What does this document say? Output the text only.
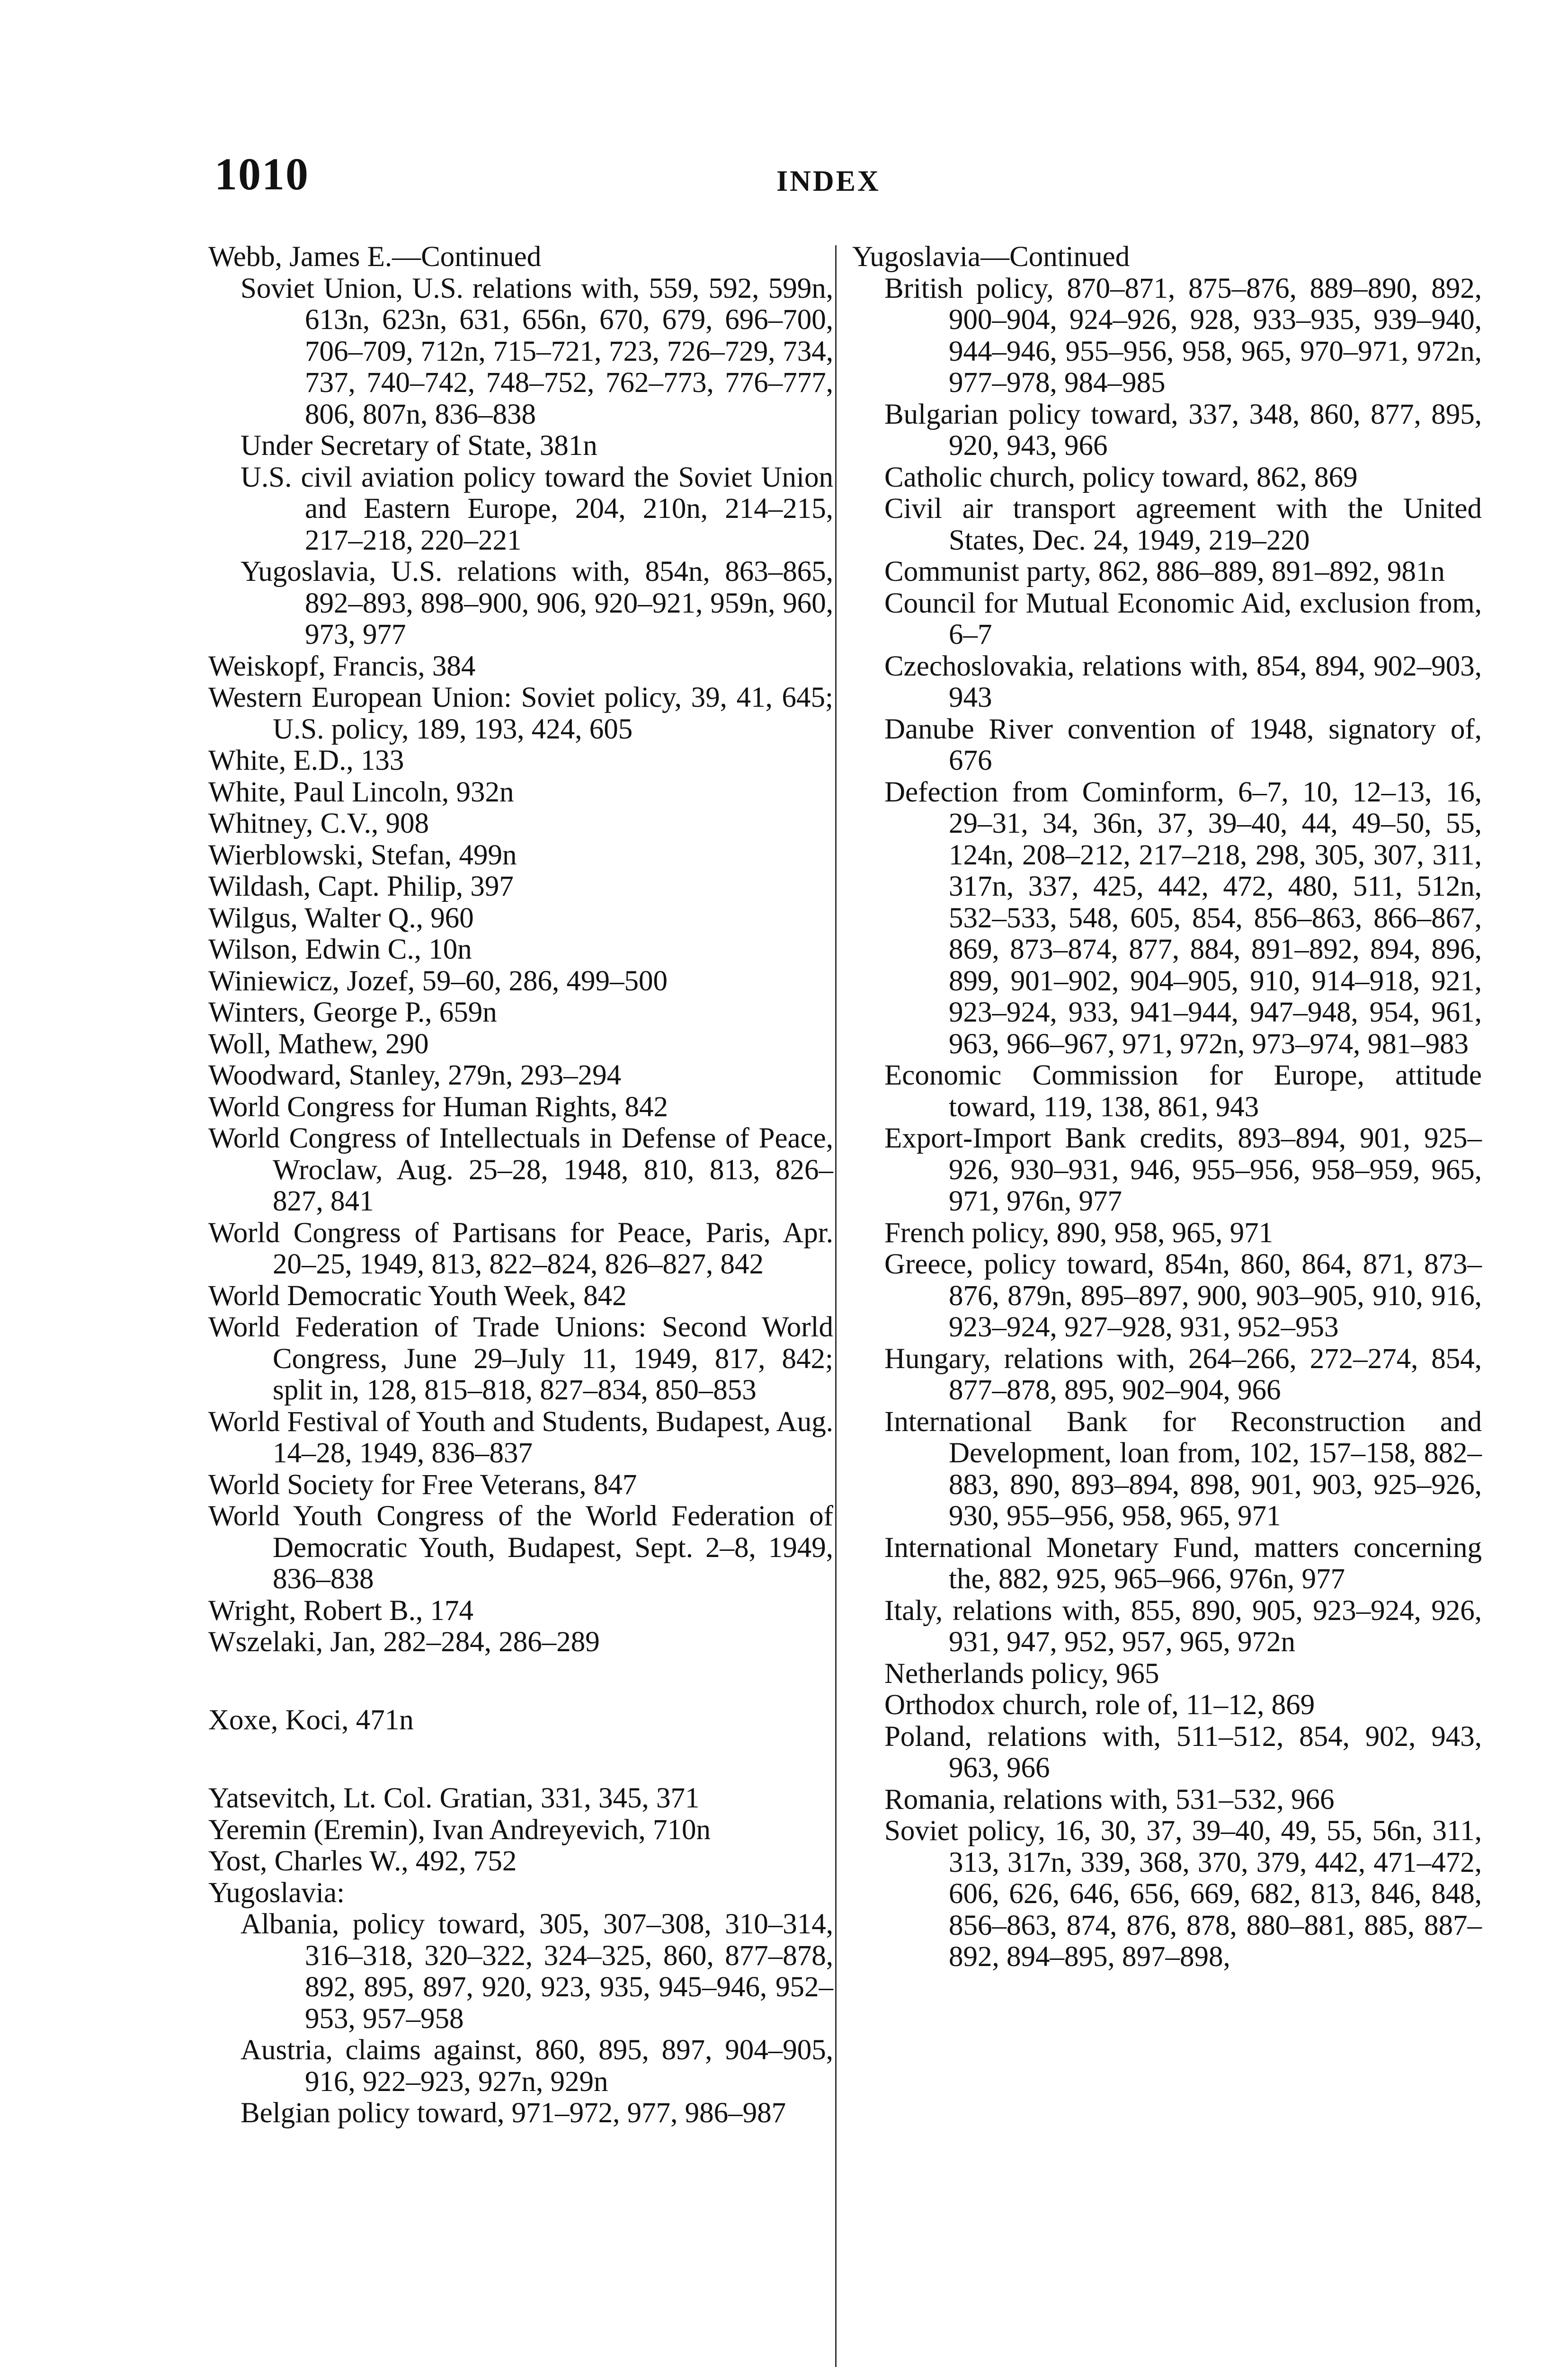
1010	INDEX

Webb, James E.—Continued

Soviet Union, U.S. relations with, 559, 592, 599n, 613n, 623n, 631, 656n, 670, 679, 696–700, 706–709, 712n, 715–721, 723, 726–729, 734, 737, 740–742, 748–752, 762–773, 776–777, 806, 807n, 836–838

Under Secretary of State, 381n

U.S. civil aviation policy toward the Soviet Union and Eastern Europe, 204, 210n, 214–215, 217–218, 220–221

Yugoslavia, U.S. relations with, 854n, 863–865, 892–893, 898–900, 906, 920–921, 959n, 960, 973, 977

Weiskopf, Francis, 384

Western European Union: Soviet policy, 39, 41, 645; U.S. policy, 189, 193, 424, 605

White, E.D., 133

White, Paul Lincoln, 932n

Whitney, C.V., 908

Wierblowski, Stefan, 499n

Wildash, Capt. Philip, 397

Wilgus, Walter Q., 960

Wilson, Edwin C., 10n

Winiewicz, Jozef, 59–60, 286, 499–500

Winters, George P., 659n

Woll, Mathew, 290

Woodward, Stanley, 279n, 293–294

World Congress for Human Rights, 842

World Congress of Intellectuals in Defense of Peace, Wroclaw, Aug. 25–28, 1948, 810, 813, 826–827, 841

World Congress of Partisans for Peace, Paris, Apr. 20–25, 1949, 813, 822–824, 826–827, 842

World Democratic Youth Week, 842

World Federation of Trade Unions: Second World Congress, June 29–July 11, 1949, 817, 842; split in, 128, 815–818, 827–834, 850–853

World Festival of Youth and Students, Budapest, Aug. 14–28, 1949, 836–837

World Society for Free Veterans, 847

World Youth Congress of the World Federation of Democratic Youth, Budapest, Sept. 2–8, 1949, 836–838

Wright, Robert B., 174

Wszelaki, Jan, 282–284, 286–289

Xoxe, Koci, 471n

Yatsevitch, Lt. Col. Gratian, 331, 345, 371

Yeremin (Eremin), Ivan Andreyevich, 710n

Yost, Charles W., 492, 752

Yugoslavia:

Albania, policy toward, 305, 307–308, 310–314, 316–318, 320–322, 324–325, 860, 877–878, 892, 895, 897, 920, 923, 935, 945–946, 952–953, 957–958

Austria, claims against, 860, 895, 897, 904–905, 916, 922–923, 927n, 929n

Belgian policy toward, 971–972, 977, 986–987

Yugoslavia—Continued

British policy, 870–871, 875–876, 889–890, 892, 900–904, 924–926, 928, 933–935, 939–940, 944–946, 955–956, 958, 965, 970–971, 972n, 977–978, 984–985

Bulgarian policy toward, 337, 348, 860, 877, 895, 920, 943, 966

Catholic church, policy toward, 862, 869

Civil air transport agreement with the United States, Dec. 24, 1949, 219–220

Communist party, 862, 886–889, 891–892, 981n

Council for Mutual Economic Aid, exclusion from, 6–7

Czechoslovakia, relations with, 854, 894, 902–903, 943

Danube River convention of 1948, signatory of, 676

Defection from Cominform, 6–7, 10, 12–13, 16, 29–31, 34, 36n, 37, 39–40, 44, 49–50, 55, 124n, 208–212, 217–218, 298, 305, 307, 311, 317n, 337, 425, 442, 472, 480, 511, 512n, 532–533, 548, 605, 854, 856–863, 866–867, 869, 873–874, 877, 884, 891–892, 894, 896, 899, 901–902, 904–905, 910, 914–918, 921, 923–924, 933, 941–944, 947–948, 954, 961, 963, 966–967, 971, 972n, 973–974, 981–983

Economic Commission for Europe, attitude toward, 119, 138, 861, 943

Export-Import Bank credits, 893–894, 901, 925–926, 930–931, 946, 955–956, 958–959, 965, 971, 976n, 977

French policy, 890, 958, 965, 971

Greece, policy toward, 854n, 860, 864, 871, 873–876, 879n, 895–897, 900, 903–905, 910, 916, 923–924, 927–928, 931, 952–953

Hungary, relations with, 264–266, 272–274, 854, 877–878, 895, 902–904, 966

International Bank for Reconstruction and Development, loan from, 102, 157–158, 882–883, 890, 893–894, 898, 901, 903, 925–926, 930, 955–956, 958, 965, 971

International Monetary Fund, matters concerning the, 882, 925, 965–966, 976n, 977

Italy, relations with, 855, 890, 905, 923–924, 926, 931, 947, 952, 957, 965, 972n

Netherlands policy, 965

Orthodox church, role of, 11–12, 869

Poland, relations with, 511–512, 854, 902, 943, 963, 966

Romania, relations with, 531–532, 966

Soviet policy, 16, 30, 37, 39–40, 49, 55, 56n, 311, 313, 317n, 339, 368, 370, 379, 442, 471–472, 606, 626, 646, 656, 669, 682, 813, 846, 848, 856–863, 874, 876, 878, 880–881, 885, 887–892, 894–895, 897–898,
